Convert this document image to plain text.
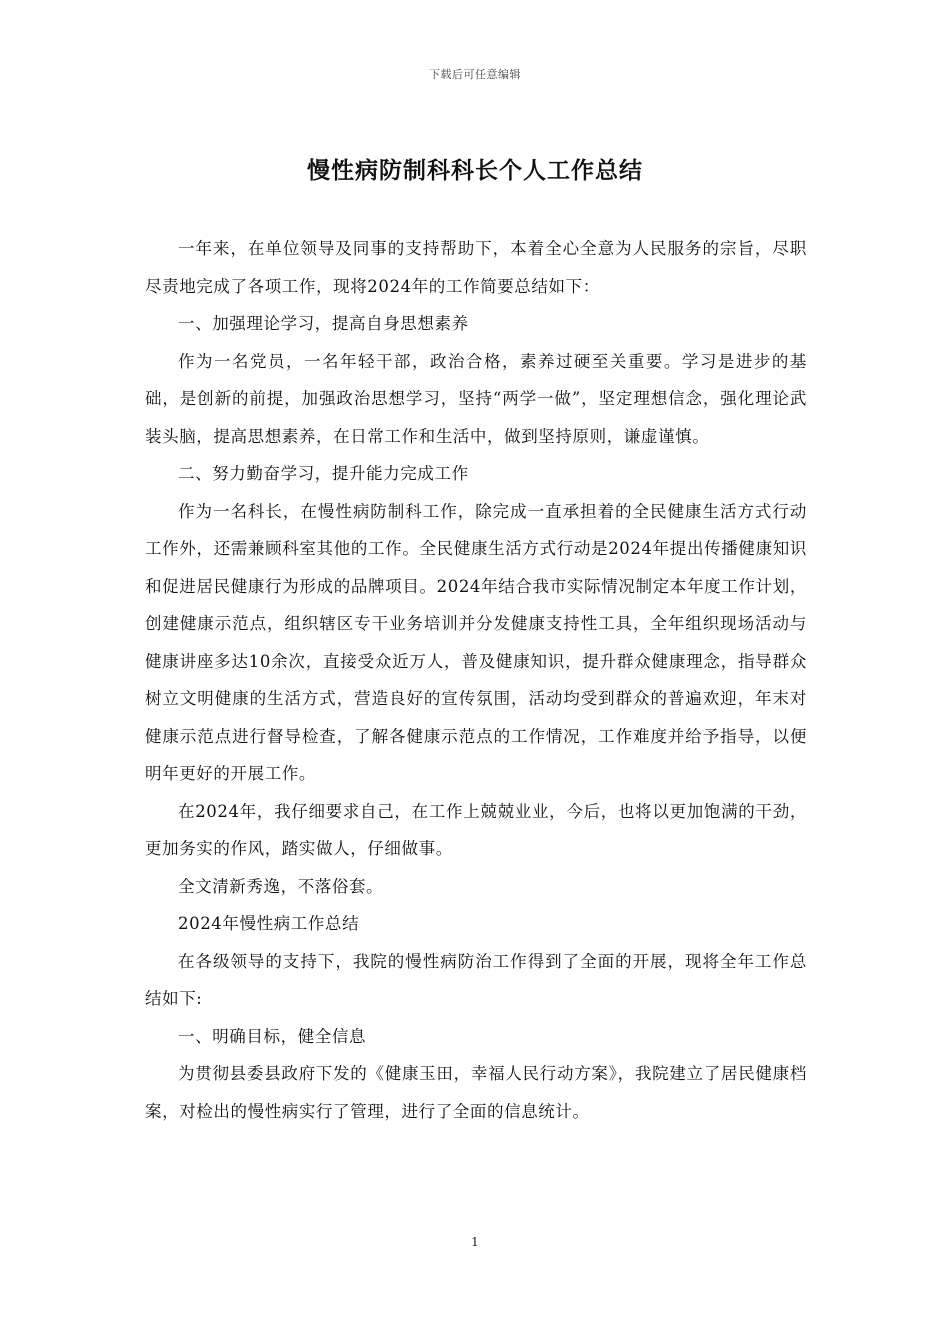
下载后可任意编辑
慢性病防制科科长个人工作总结

一年来，在单位领导及同事的支持帮助下，本着全心全意为人民服务的宗旨，尽职尽责地完成了各项工作，现将2024年的工作简要总结如下：

一、加强理论学习，提高自身思想素养

作为一名党员，一名年轻干部，政治合格，素养过硬至关重要。学习是进步的基础，是创新的前提，加强政治思想学习，坚持“两学一做”，坚定理想信念，强化理论武装头脑，提高思想素养，在日常工作和生活中，做到坚持原则，谦虚谨慎。

二、努力勤奋学习，提升能力完成工作

作为一名科长，在慢性病防制科工作，除完成一直承担着的全民健康生活方式行动工作外，还需兼顾科室其他的工作。全民健康生活方式行动是2024年提出传播健康知识和促进居民健康行为形成的品牌项目。2024年结合我市实际情况制定本年度工作计划，创建健康示范点，组织辖区专干业务培训并分发健康支持性工具，全年组织现场活动与健康讲座多达10余次，直接受众近万人，普及健康知识，提升群众健康理念，指导群众树立文明健康的生活方式，营造良好的宣传氛围，活动均受到群众的普遍欢迎，年末对健康示范点进行督导检查，了解各健康示范点的工作情况，工作难度并给予指导，以便明年更好的开展工作。

在2024年，我仔细要求自己，在工作上兢兢业业，今后，也将以更加饱满的干劲，更加务实的作风，踏实做人，仔细做事。

全文清新秀逸，不落俗套。

2024年慢性病工作总结

在各级领导的支持下，我院的慢性病防治工作得到了全面的开展，现将全年工作总结如下:

一、明确目标，健全信息

为贯彻县委县政府下发的《健康玉田，幸福人民行动方案》，我院建立了居民健康档案，对检出的慢性病实行了管理，进行了全面的信息统计。

1
